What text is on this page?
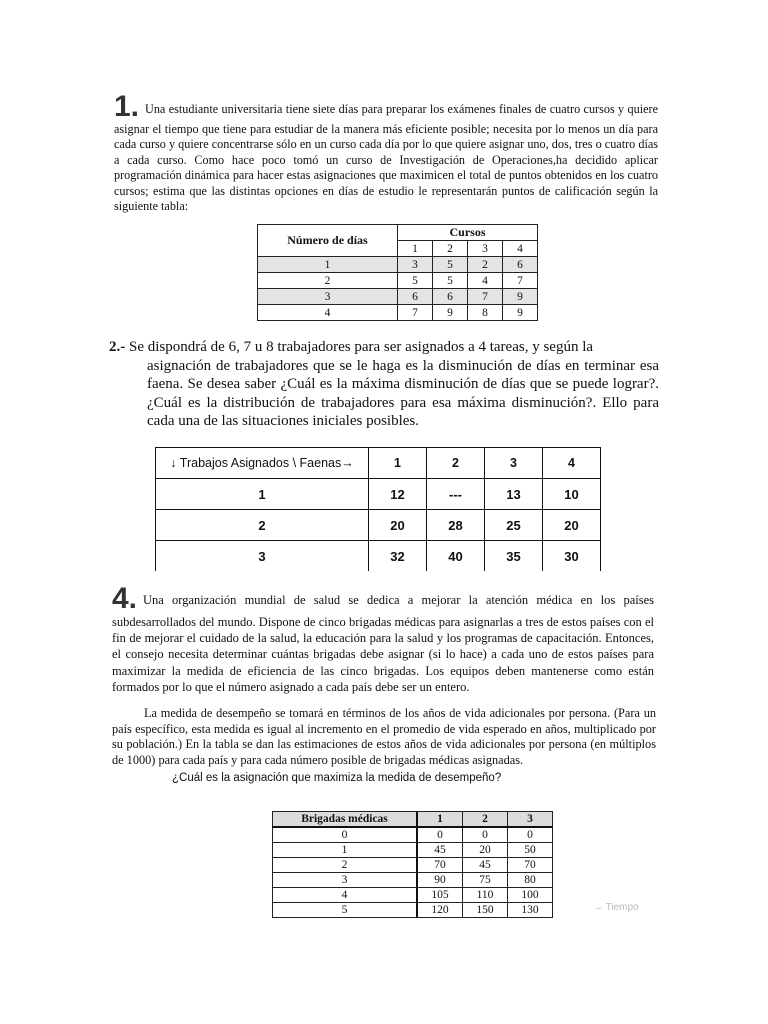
1. Una estudiante universitaria tiene siete días para preparar los exámenes finales de cuatro cursos y quiere asignar el tiempo que tiene para estudiar de la manera más eficiente posible; necesita por lo menos un día para cada curso y quiere concentrarse sólo en un curso cada día por lo que quiere asignar uno, dos, tres o cuatro días a cada curso. Como hace poco tomó un curso de Investigación de Operaciones,ha decidido aplicar programación dinámica para hacer estas asignaciones que maximicen el total de puntos obtenidos en los cuatro cursos; estima que las distintas opciones en días de estudio le representarán puntos de calificación según la siguiente tabla:
Número de días	Cursos			
	1	2	3	4
1	3	5	2	6
2	5	5	4	7
3	6	6	7	9
4	7	9	8	9
2.- Se dispondrá de 6, 7 u 8 trabajadores para ser asignados a 4 tareas, y según la
asignación de trabajadores que se le haga es la disminución de días en terminar esa faena. Se desea saber ¿Cuál es la máxima disminución de días que se puede lograr?. ¿Cuál es la distribución de trabajadores para esa máxima disminución?. Ello para cada una de las situaciones iniciales posibles.
↓ Trabajos Asignados \ Faenas→	1	2	3	4
1	12	---	13	10
2	20	28	25	20
3	32	40	35	30
4. Una organización mundial de salud se dedica a mejorar la atención médica en los países subdesarrollados del mundo. Dispone de cinco brigadas médicas para asignarlas a tres de estos países con el fin de mejorar el cuidado de la salud, la educación para la salud y los programas de capacitación. Entonces, el consejo necesita determinar cuántas brigadas debe asignar (si lo hace) a cada uno de estos países para maximizar la medida de eficiencia de las cinco brigadas. Los equipos deben mantenerse como están formados por lo que el número asignado a cada país debe ser un entero.
La medida de desempeño se tomará en términos de los años de vida adicionales por persona. (Para un país específico, esta medida es igual al incremento en el promedio de vida esperado en años, multiplicado por su población.) En la tabla se dan las estimaciones de estos años de vida adicionales por persona (en múltiplos de 1000) para cada país y para cada número posible de brigadas médicas asignadas.
¿Cuál es la asignación que maximiza la medida de desempeño?
Brigadas médicas	1	2	3
0	0	0	0
1	45	20	50
2	70	45	70
3	90	75	80
4	105	110	100
5	120	150	130	→ Tiempo
